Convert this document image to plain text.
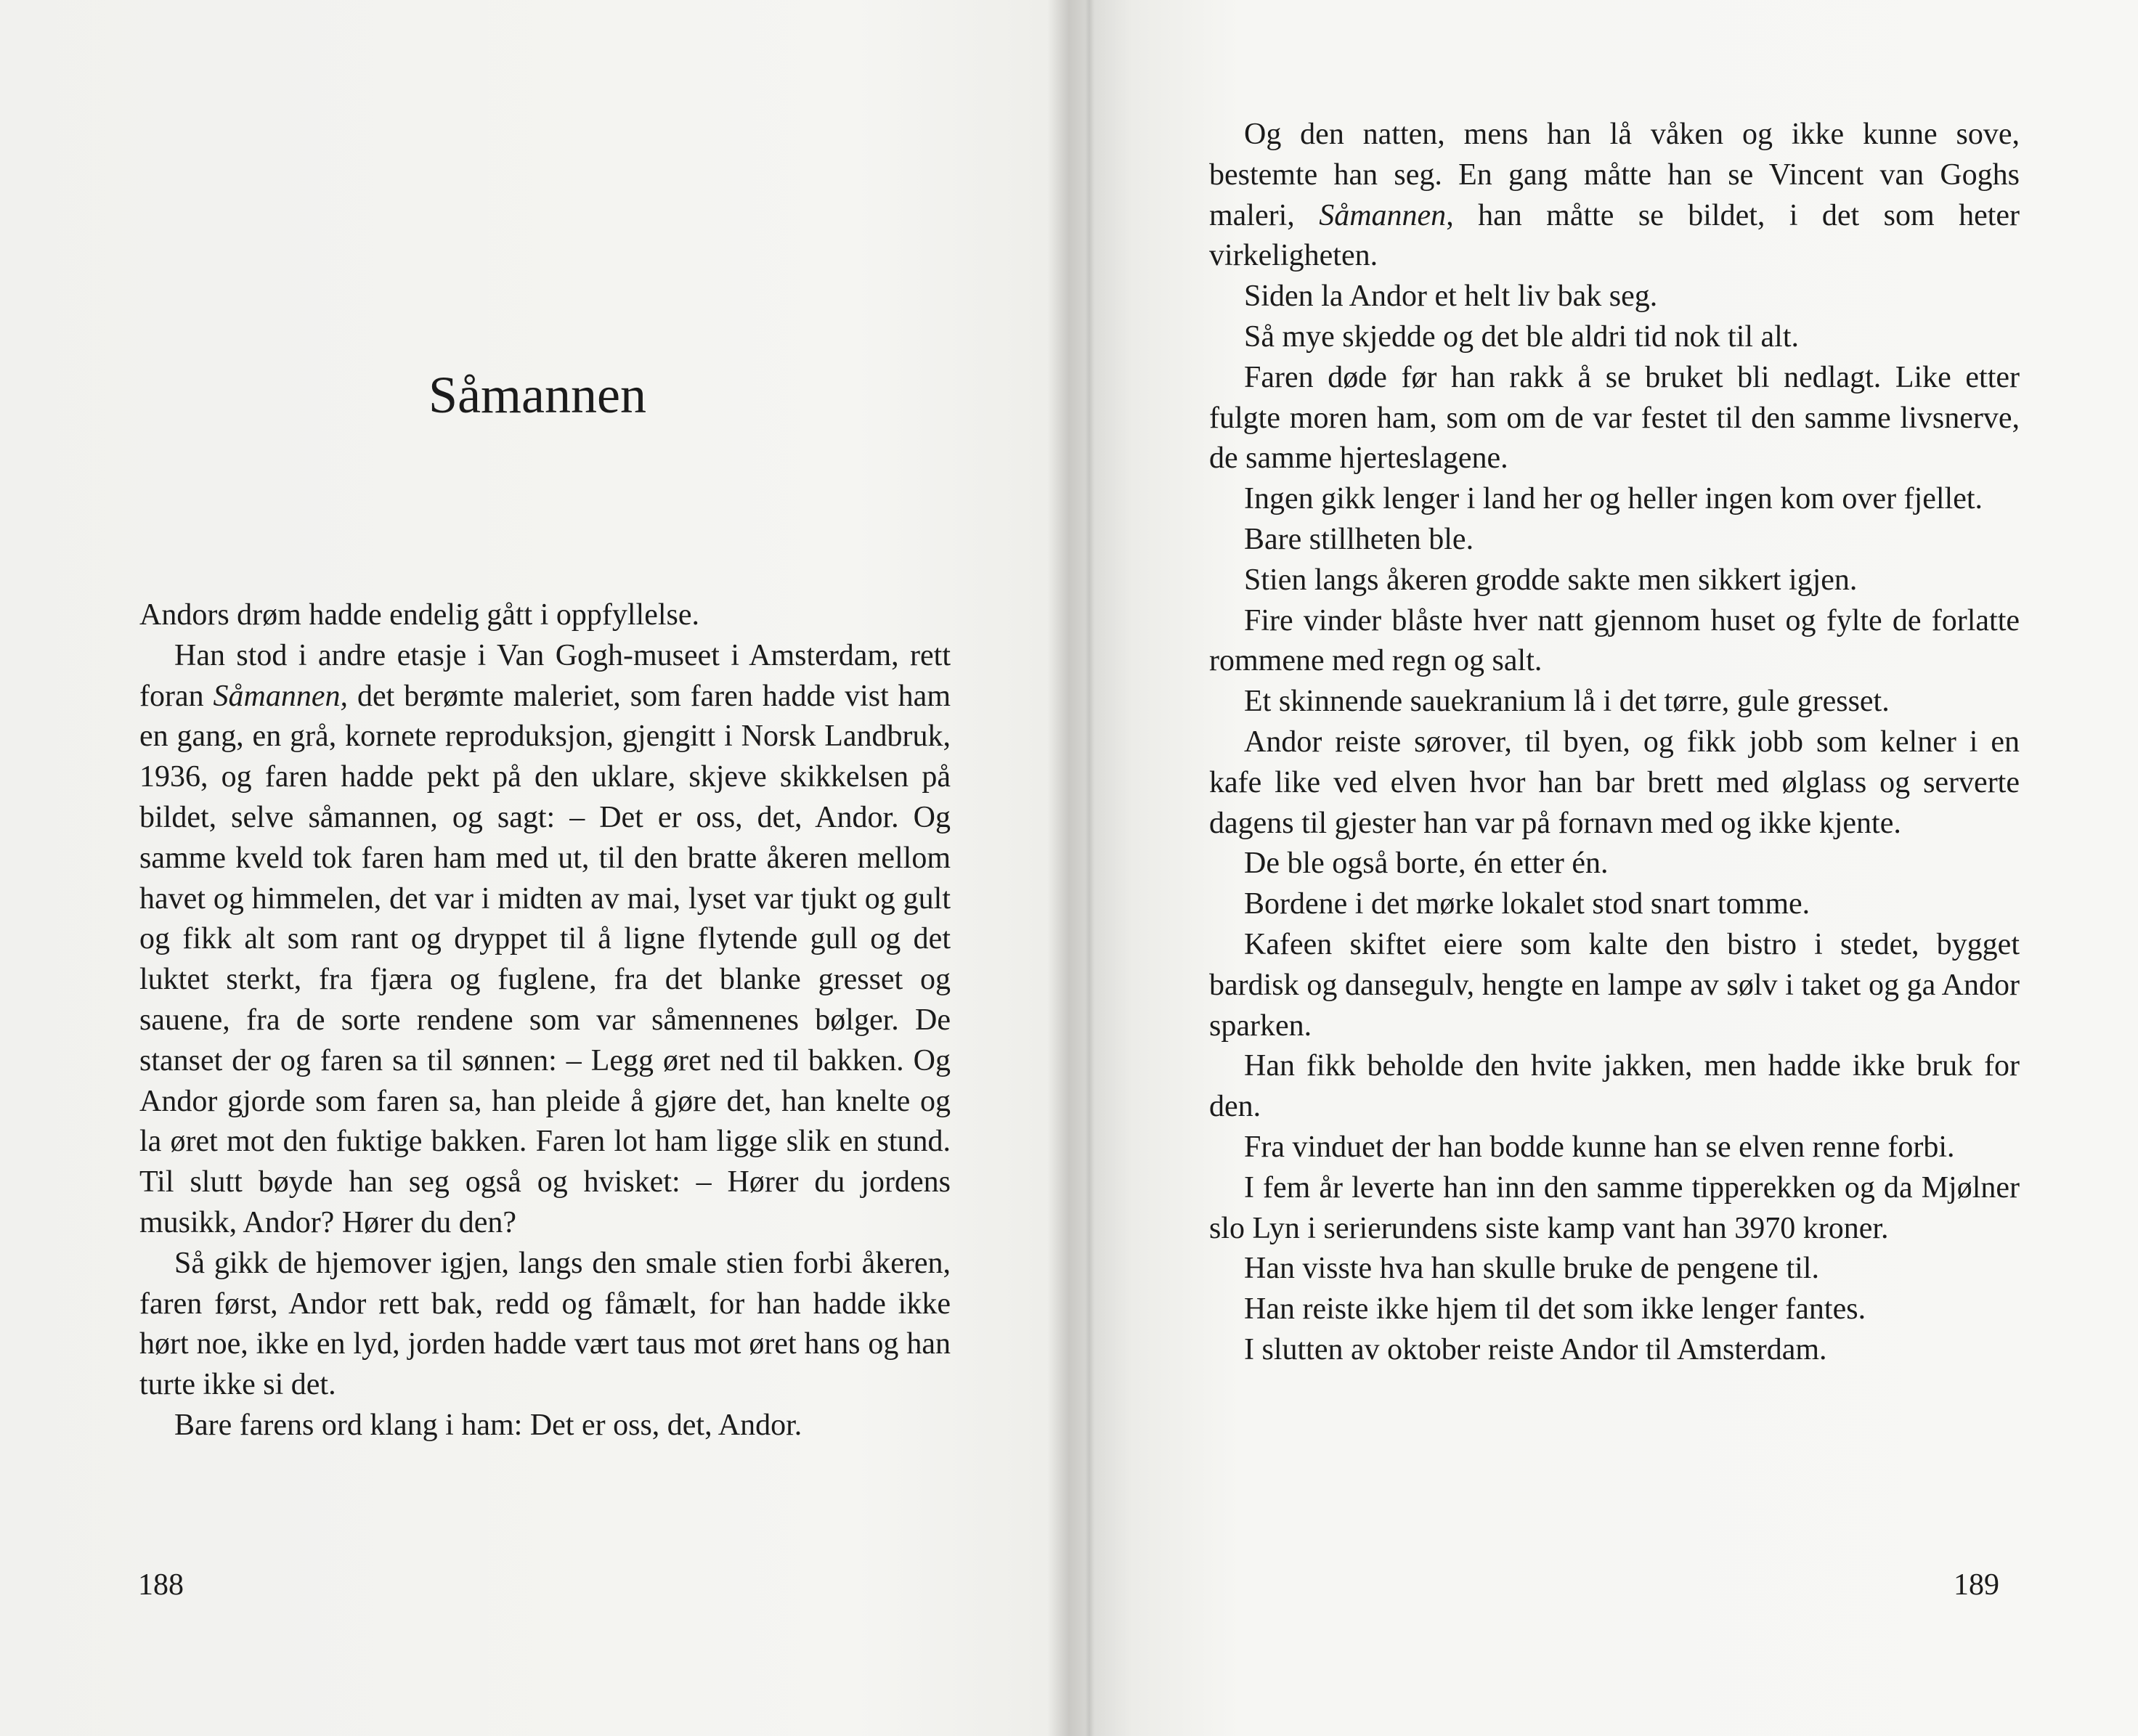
Såmannen

Andors drøm hadde endelig gått i oppfyllelse.

Han stod i andre etasje i Van Gogh-museet i Amsterdam, rett foran Såmannen, det berømte maleriet, som faren hadde vist ham en gang, en grå, kornete reproduksjon, gjengitt i Norsk Landbruk, 1936, og faren hadde pekt på den uklare, skjeve skikkelsen på bildet, selve såmannen, og sagt: – Det er oss, det, Andor. Og samme kveld tok faren ham med ut, til den bratte åkeren mellom havet og himmelen, det var i midten av mai, lyset var tjukt og gult og fikk alt som rant og dryppet til å ligne flytende gull og det luktet sterkt, fra fjæra og fuglene, fra det blanke gresset og sauene, fra de sorte rendene som var såmennenes bølger. De stanset der og faren sa til sønnen: – Legg øret ned til bakken. Og Andor gjorde som faren sa, han pleide å gjøre det, han knelte og la øret mot den fuktige bakken. Faren lot ham ligge slik en stund. Til slutt bøyde han seg også og hvisket: – Hører du jordens musikk, Andor? Hører du den?

Så gikk de hjemover igjen, langs den smale stien forbi åkeren, faren først, Andor rett bak, redd og fåmælt, for han hadde ikke hørt noe, ikke en lyd, jorden hadde vært taus mot øret hans og han turte ikke si det.

Bare farens ord klang i ham: Det er oss, det, Andor.

188

Og den natten, mens han lå våken og ikke kunne sove, bestemte han seg. En gang måtte han se Vincent van Goghs maleri, Såmannen, han måtte se bildet, i det som heter virkeligheten.

Siden la Andor et helt liv bak seg.

Så mye skjedde og det ble aldri tid nok til alt.

Faren døde før han rakk å se bruket bli nedlagt. Like etter fulgte moren ham, som om de var festet til den samme livsnerve, de samme hjerteslagene.

Ingen gikk lenger i land her og heller ingen kom over fjellet.

Bare stillheten ble.

Stien langs åkeren grodde sakte men sikkert igjen.

Fire vinder blåste hver natt gjennom huset og fylte de forlatte rommene med regn og salt.

Et skinnende sauekranium lå i det tørre, gule gresset.

Andor reiste sørover, til byen, og fikk jobb som kelner i en kafe like ved elven hvor han bar brett med ølglass og serverte dagens til gjester han var på fornavn med og ikke kjente.

De ble også borte, én etter én.

Bordene i det mørke lokalet stod snart tomme.

Kafeen skiftet eiere som kalte den bistro i stedet, bygget bardisk og dansegulv, hengte en lampe av sølv i taket og ga Andor sparken.

Han fikk beholde den hvite jakken, men hadde ikke bruk for den.

Fra vinduet der han bodde kunne han se elven renne forbi.

I fem år leverte han inn den samme tipperekken og da Mjølner slo Lyn i serierundens siste kamp vant han 3970 kroner.

Han visste hva han skulle bruke de pengene til.

Han reiste ikke hjem til det som ikke lenger fantes.

I slutten av oktober reiste Andor til Amsterdam.

189
